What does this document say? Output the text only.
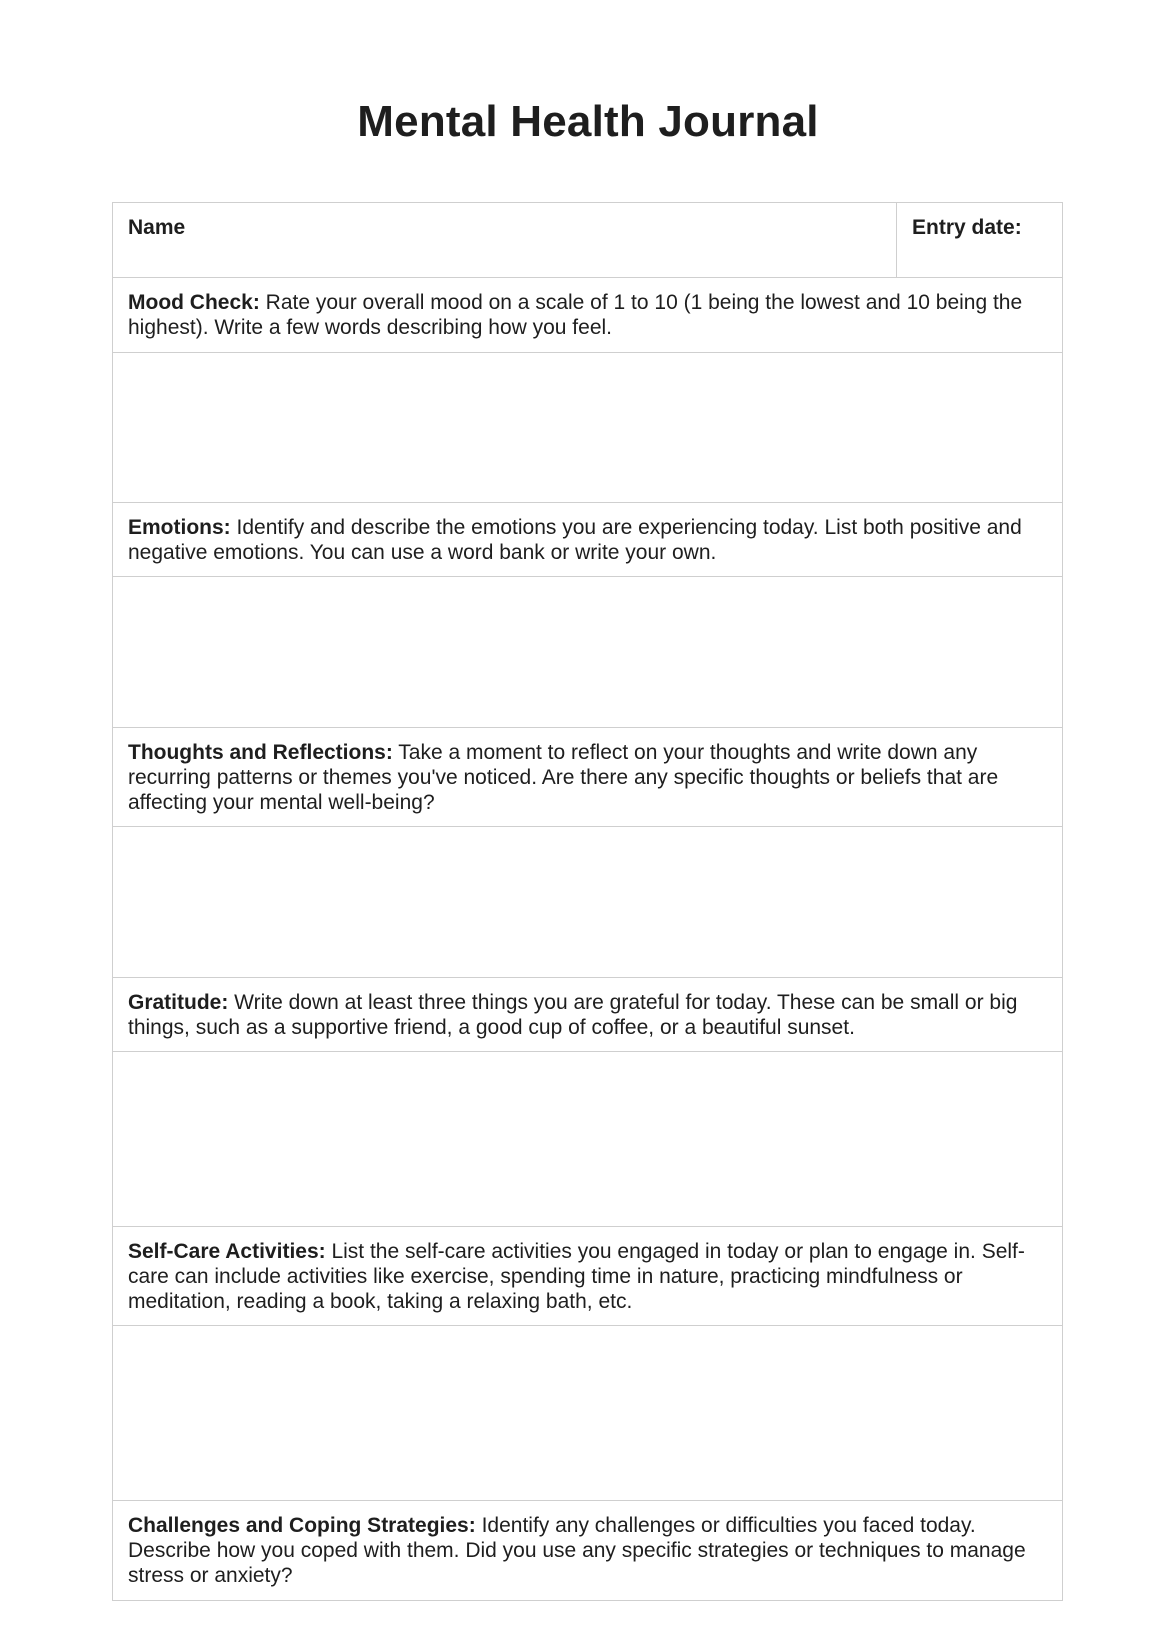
Mental Health Journal
Name	Entry date:
Mood Check: Rate your overall mood on a scale of 1 to 10 (1 being the lowest and 10 being the highest). Write a few words describing how you feel.
Emotions: Identify and describe the emotions you are experiencing today. List both positive and negative emotions. You can use a word bank or write your own.
Thoughts and Reflections: Take a moment to reflect on your thoughts and write down any recurring patterns or themes you've noticed. Are there any specific thoughts or beliefs that are affecting your mental well-being?
Gratitude: Write down at least three things you are grateful for today. These can be small or big things, such as a supportive friend, a good cup of coffee, or a beautiful sunset.
Self-Care Activities: List the self-care activities you engaged in today or plan to engage in. Self-care can include activities like exercise, spending time in nature, practicing mindfulness or meditation, reading a book, taking a relaxing bath, etc.
Challenges and Coping Strategies: Identify any challenges or difficulties you faced today. Describe how you coped with them. Did you use any specific strategies or techniques to manage stress or anxiety?
